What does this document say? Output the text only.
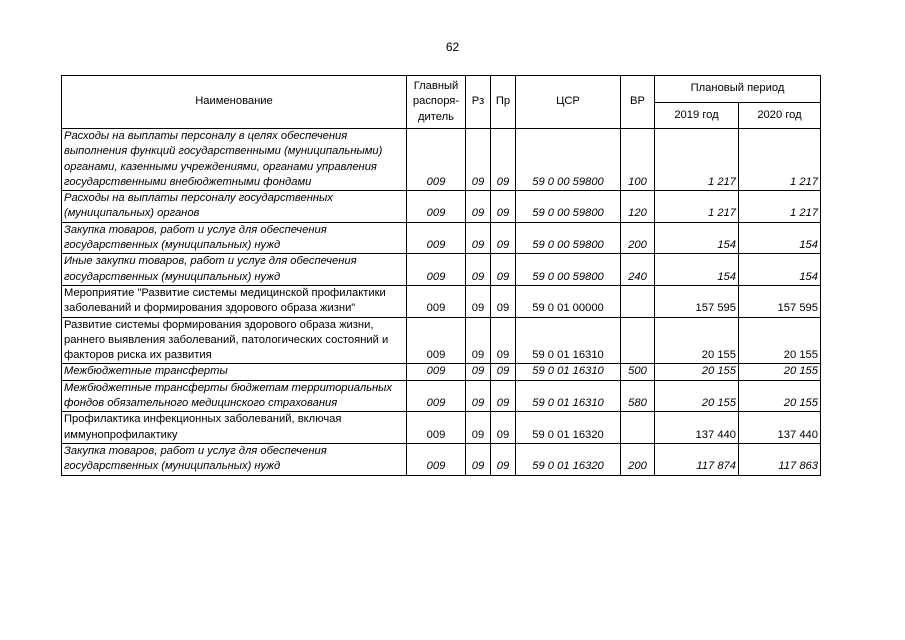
62
Наименование	Главный распоря-дитель	Рз	Пр	ЦСР	ВР	Плановый период	
						2019 год	2020 год
Расходы на выплаты персоналу в целях обеспечения выполнения функций государственными (муниципальными) органами, казенными учреждениями, органами управления государственными внебюджетными фондами	009	09	09	59 0 00 59800	100	1 217	1 217
Расходы на выплаты персоналу государственных (муниципальных) органов	009	09	09	59 0 00 59800	120	1 217	1 217
Закупка товаров, работ и услуг для обеспечения государственных (муниципальных) нужд	009	09	09	59 0 00 59800	200	154	154
Иные закупки товаров, работ и услуг для обеспечения государственных (муниципальных) нужд	009	09	09	59 0 00 59800	240	154	154
Мероприятие "Развитие системы медицинской профилактики заболеваний и формирования здорового образа жизни"	009	09	09	59 0 01 00000		157 595	157 595
Развитие системы формирования здорового образа жизни, раннего выявления заболеваний, патологических состояний и факторов риска их развития	009	09	09	59 0 01 16310		20 155	20 155
Межбюджетные трансферты	009	09	09	59 0 01 16310	500	20 155	20 155
Межбюджетные трансферты бюджетам территориальных фондов обязательного медицинского страхования	009	09	09	59 0 01 16310	580	20 155	20 155
Профилактика инфекционных заболеваний, включая иммунопрофилактику	009	09	09	59 0 01 16320		137 440	137 440
Закупка товаров, работ и услуг для обеспечения государственных (муниципальных) нужд	009	09	09	59 0 01 16320	200	117 874	117 863
